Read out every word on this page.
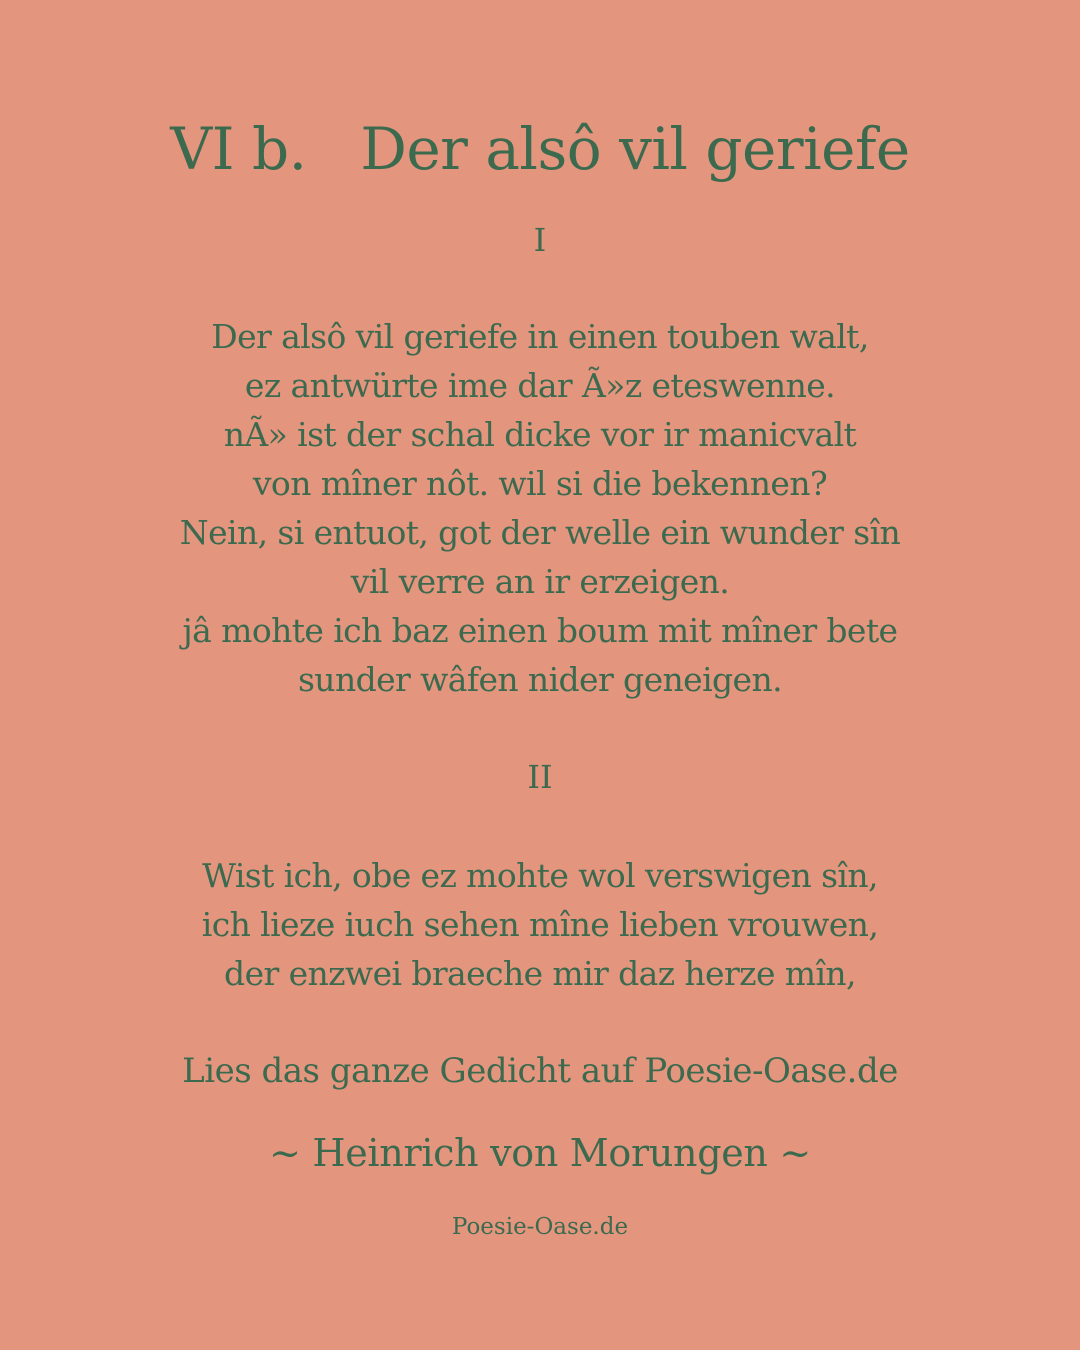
VI b.   Der alsô vil geriefe
I
Der alsô vil geriefe in einen touben walt,
ez antwürte ime dar Ã»z eteswenne.
nÃ» ist der schal dicke vor ir manicvalt
von mîner nôt. wil si die bekennen?
Nein, si entuot, got der welle ein wunder sîn
vil verre an ir erzeigen.
jâ mohte ich baz einen boum mit mîner bete
sunder wâfen nider geneigen.
II
Wist ich, obe ez mohte wol verswigen sîn,
ich lieze iuch sehen mîne lieben vrouwen,
der enzwei braeche mir daz herze mîn,
Lies das ganze Gedicht auf Poesie-Oase.de
~ Heinrich von Morungen ~
Poesie-Oase.de
